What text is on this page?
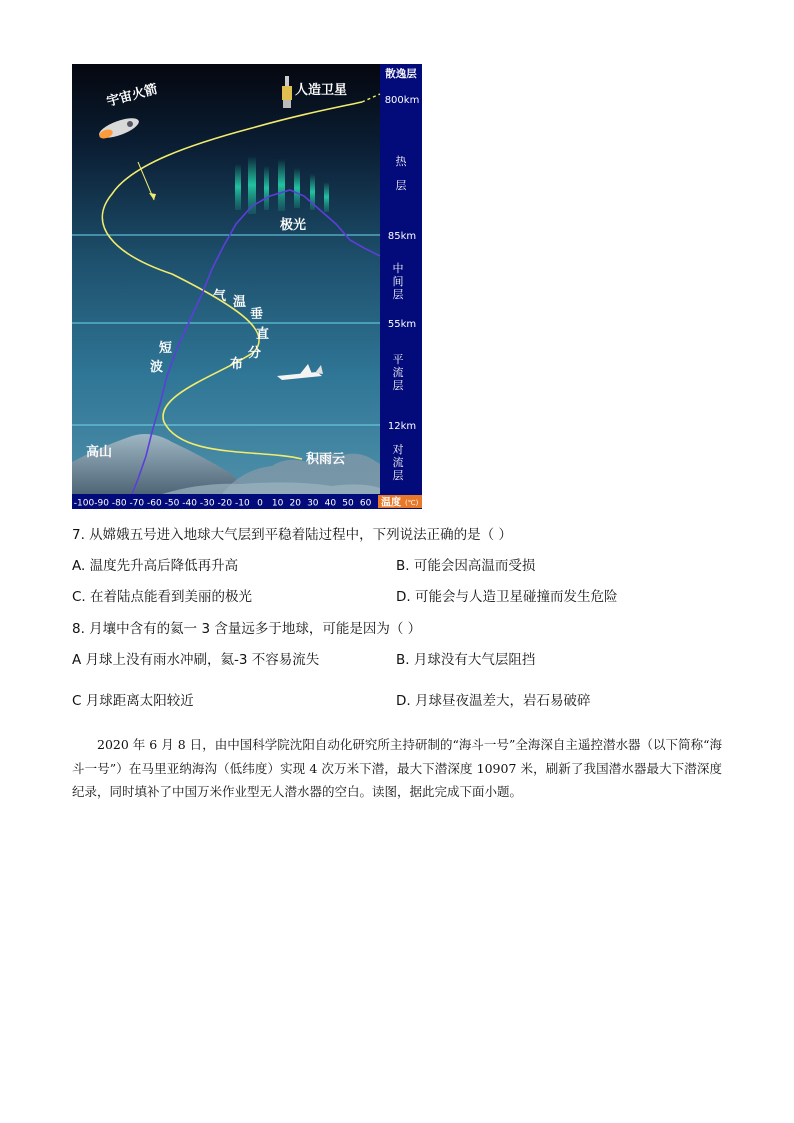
宇宙火箭	人造卫星
极光
气 温
垂
直
分
布
短
波
高山	积雨云
散逸层
热
层
中
间
层
平
流
层
对
流
层
800km
85km
55km
12km
-100 -90 -80 -70 -60 -50 -40 -30 -20 -10 0 10 20 30 40 50 60 温度 (℃)
7. 从嫦娥五号进入地球大气层到平稳着陆过程中，下列说法正确的是（ ）
A. 温度先升高后降低再升高	B. 可能会因高温而受损
C. 在着陆点能看到美丽的极光	D. 可能会与人造卫星碰撞而发生危险
8. 月壤中含有的氦一 3 含量远多于地球，可能是因为（ ）
A 月球上没有雨水冲刷，氦-3 不容易流失	B. 月球没有大气层阻挡
C 月球距离太阳较近	D. 月球昼夜温差大，岩石易破碎
2020 年 6 月 8 日，由中国科学院沈阳自动化研究所主持研制的“海斗一号”全海深自主遥控潜水器（以下简称“海斗一号”）在马里亚纳海沟（低纬度）实现 4 次万米下潜，最大下潜深度 10907 米，刷新了我国潜水器最大下潜深度纪录，同时填补了中国万米作业型无人潜水器的空白。读图，据此完成下面小题。
